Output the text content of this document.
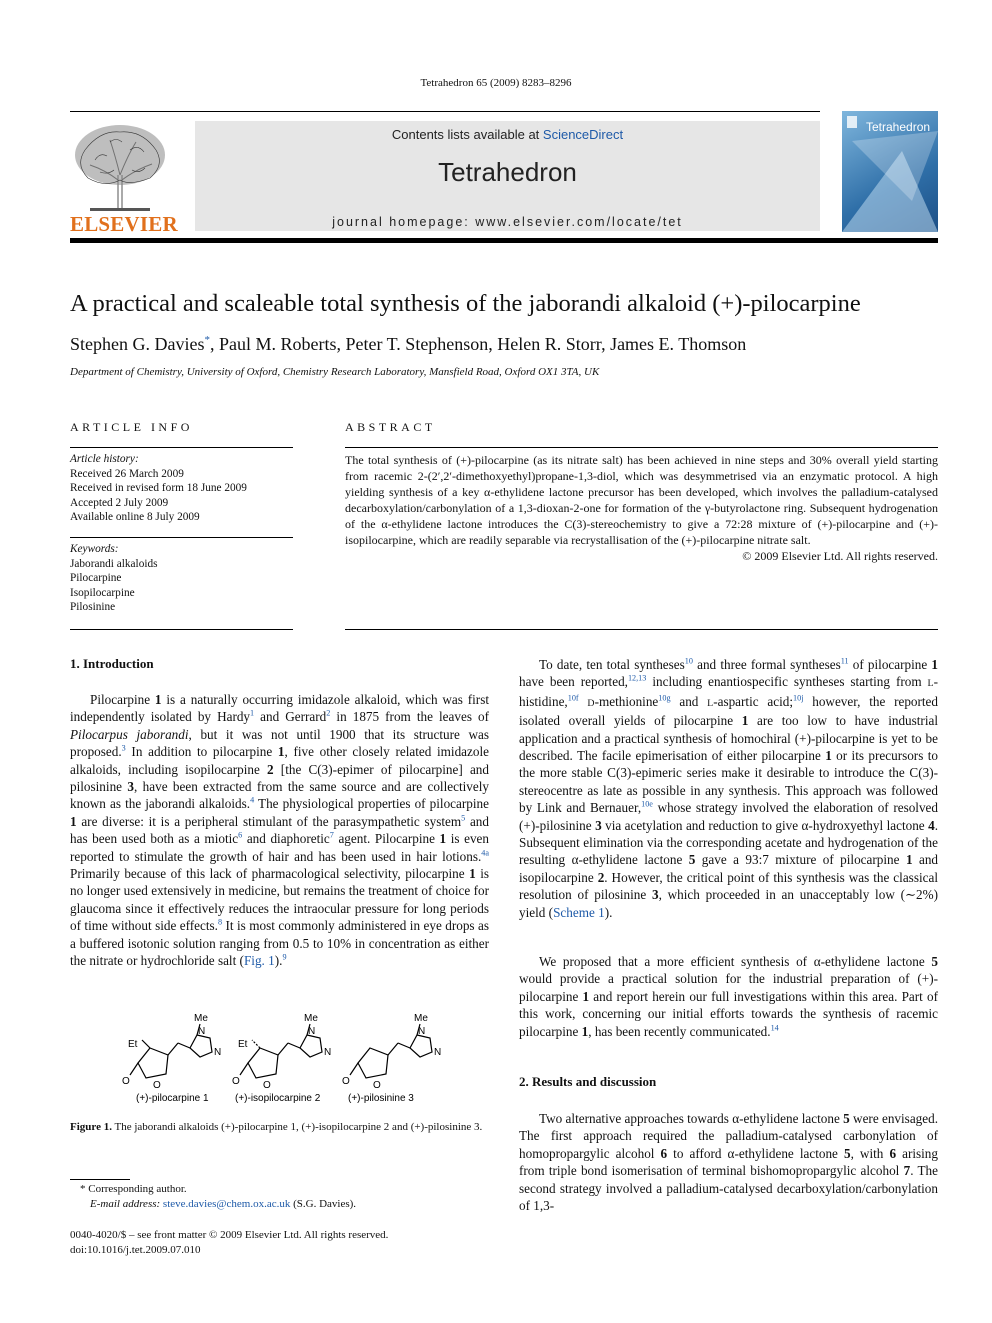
Tetrahedron 65 (2009) 8283–8296
ELSEVIER
Contents lists available at ScienceDirect
Tetrahedron
journal homepage: www.elsevier.com/locate/tet
Tetrahedron
A practical and scaleable total synthesis of the jaborandi alkaloid (+)-pilocarpine
Stephen G. Davies*, Paul M. Roberts, Peter T. Stephenson, Helen R. Storr, James E. Thomson
Department of Chemistry, University of Oxford, Chemistry Research Laboratory, Mansfield Road, Oxford OX1 3TA, UK
ARTICLE INFO	ABSTRACT
Article history:
Received 26 March 2009
Received in revised form 18 June 2009
Accepted 2 July 2009
Available online 8 July 2009
Keywords:
Jaborandi alkaloids
Pilocarpine
Isopilocarpine
Pilosinine
The total synthesis of (+)-pilocarpine (as its nitrate salt) has been achieved in nine steps and 30% overall yield starting from racemic 2-(2′,2′-dimethoxyethyl)propane-1,3-diol, which was desymmetrised via an enzymatic protocol. A high yielding synthesis of a key α-ethylidene lactone precursor has been developed, which involves the palladium-catalysed decarboxylation/carbonylation of a 1,3-dioxan-2-one for formation of the γ-butyrolactone ring. Subsequent hydrogenation of the α-ethylidene lactone introduces the C(3)-stereochemistry to give a 72:28 mixture of (+)-pilocarpine and (+)-isopilocarpine, which are readily separable via recrystallisation of the (+)-pilocarpine nitrate salt.
© 2009 Elsevier Ltd. All rights reserved.
1. Introduction
Pilocarpine 1 is a naturally occurring imidazole alkaloid, which was first independently isolated by Hardy$^1$ and Gerrard$^2$ in 1875 from the leaves of Pilocarpus jaborandi, but it was not until 1900 that its structure was proposed.$^3$ In addition to pilocarpine 1, five other closely related imidazole alkaloids, including isopilocarpine 2 [the C(3)-epimer of pilocarpine] and pilosinine 3, have been extracted from the same source and are collectively known as the jaborandi alkaloids.$^4$ The physiological properties of pilocarpine 1 are diverse: it is a peripheral stimulant of the parasympathetic system$^5$ and has been used both as a miotic$^6$ and diaphoretic$^7$ agent. Pilocarpine 1 is even reported to stimulate the growth of hair and has been used in hair lotions.$^{4a}$ Primarily because of this lack of pharmacological selectivity, pilocarpine 1 is no longer used extensively in medicine, but remains the treatment of choice for glaucoma since it effectively reduces the intraocular pressure for long periods of time without side effects.$^8$ It is most commonly administered in eye drops as a buffered isotonic solution ranging from 0.5 to 10% in concentration as either the nitrate or hydrochloride salt (Fig. 1).$^9$
Me
N
N
Et
O O
Me
N
N
Et
O O
Me
N
N
O O
(+)-pilocarpine 1	(+)-isopilocarpine 2	(+)-pilosinine 3
Figure 1. The jaborandi alkaloids (+)-pilocarpine 1, (+)-isopilocarpine 2 and (+)-pilosinine 3.
* Corresponding author.
E-mail address: steve.davies@chem.ox.ac.uk (S.G. Davies).
0040-4020/$ – see front matter © 2009 Elsevier Ltd. All rights reserved.
doi:10.1016/j.tet.2009.07.010
To date, ten total syntheses$^{10}$ and three formal syntheses$^{11}$ of pilocarpine 1 have been reported,$^{12,13}$ including enantiospecific syntheses starting from L-histidine,$^{10f}$ D-methionine$^{10g}$ and L-aspartic acid;$^{10j}$ however, the reported isolated overall yields of pilocarpine 1 are too low to have industrial application and a practical synthesis of homochiral (+)-pilocarpine is yet to be described. The facile epimerisation of either pilocarpine 1 or its precursors to the more stable C(3)-epimeric series make it desirable to introduce the C(3)-stereocentre as late as possible in any synthesis. This approach was followed by Link and Bernauer,$^{10e}$ whose strategy involved the elaboration of resolved (+)-pilosinine 3 via acetylation and reduction to give α-hydroxyethyl lactone 4. Subsequent elimination via the corresponding acetate and hydrogenation of the resulting α-ethylidene lactone 5 gave a 93:7 mixture of pilocarpine 1 and isopilocarpine 2. However, the critical point of this synthesis was the classical resolution of pilosinine 3, which proceeded in an unacceptably low (∼2%) yield (Scheme 1).
We proposed that a more efficient synthesis of α-ethylidene lactone 5 would provide a practical solution for the industrial preparation of (+)-pilocarpine 1 and report herein our full investigations within this area. Part of this work, concerning our initial efforts towards the synthesis of racemic pilocarpine 1, has been recently communicated.$^{14}$
2. Results and discussion
Two alternative approaches towards α-ethylidene lactone 5 were envisaged. The first approach required the palladium-catalysed carbonylation of homopropargylic alcohol 6 to afford α-ethylidene lactone 5, with 6 arising from triple bond isomerisation of terminal bishomopropargylic alcohol 7. The second strategy involved a palladium-catalysed decarboxylation/carbonylation of 1,3-
